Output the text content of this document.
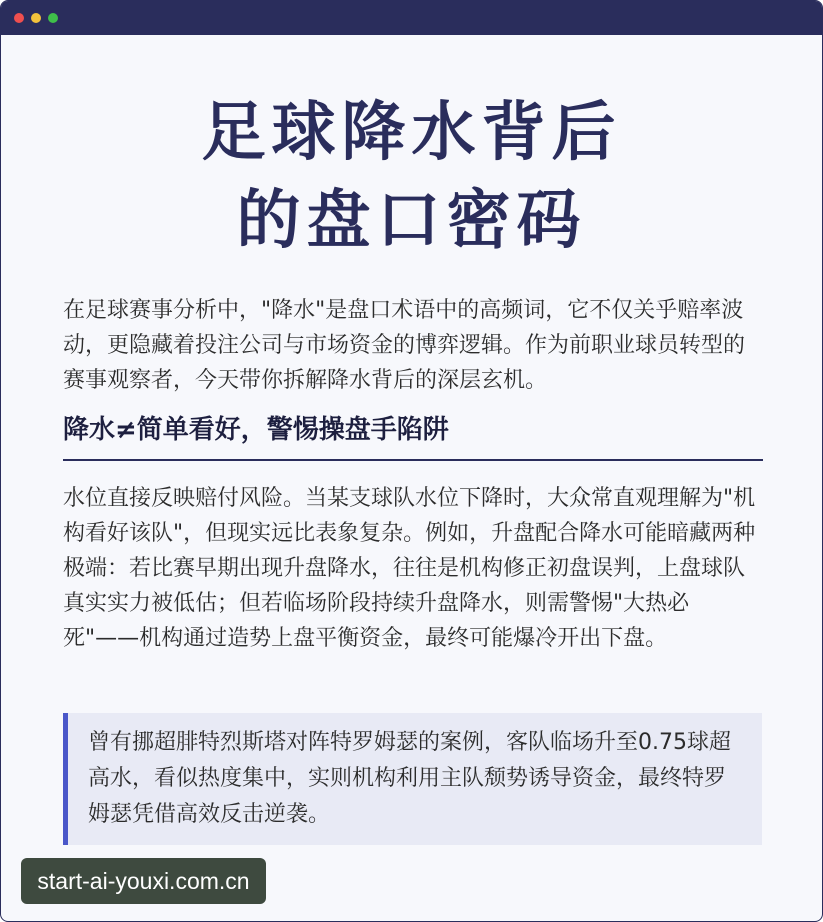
足球降水背后
的盘口密码

在足球赛事分析中，"降水"是盘口术语中的高频词，它不仅关乎赔率波动，更隐藏着投注公司与市场资金的博弈逻辑。作为前职业球员转型的赛事观察者，今天带你拆解降水背后的深层玄机。

降水≠简单看好，警惕操盘手陷阱

水位直接反映赔付风险。当某支球队水位下降时，大众常直观理解为"机构看好该队"，但现实远比表象复杂。例如，升盘配合降水可能暗藏两种极端：若比赛早期出现升盘降水，往往是机构修正初盘误判，上盘球队真实实力被低估；但若临场阶段持续升盘降水，则需警惕"大热必死"——机构通过造势上盘平衡资金，最终可能爆冷开出下盘。

曾有挪超腓特烈斯塔对阵特罗姆瑟的案例，客队临场升至0.75球超高水，看似热度集中，实则机构利用主队颓势诱导资金，最终特罗姆瑟凭借高效反击逆袭。

start-ai-youxi.com.cn
